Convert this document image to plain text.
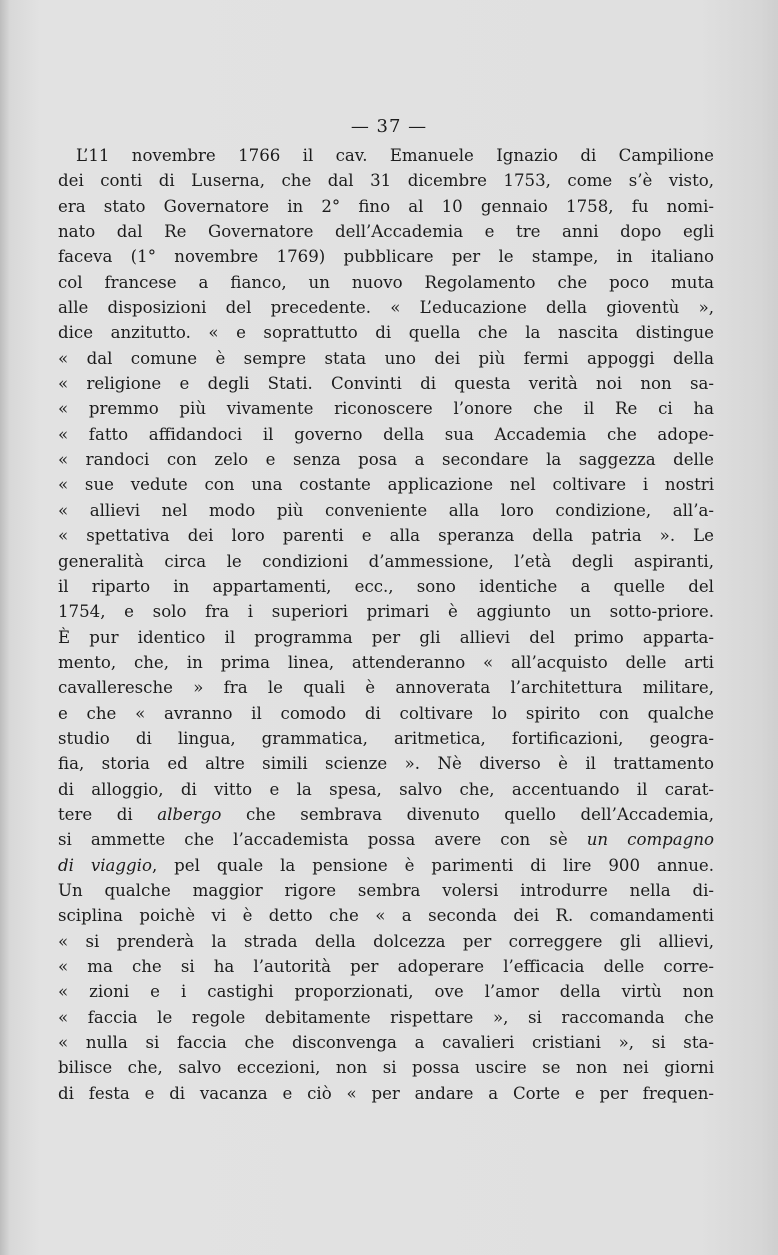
— 37 —
L’11 novembre 1766 il cav. Emanuele Ignazio di Campilione
dei conti di Luserna, che dal 31 dicembre 1753, come s’è visto,
era stato Governatore in 2° fino al 10 gennaio 1758, fu nomi-
nato dal Re Governatore dell’Accademia e tre anni dopo egli
faceva (1° novembre 1769) pubblicare per le stampe, in italiano
col francese a fianco, un nuovo Regolamento che poco muta
alle disposizioni del precedente. « L’educazione della gioventù »,
dice anzitutto. « e soprattutto di quella che la nascita distingue
« dal comune è sempre stata uno dei più fermi appoggi della
« religione e degli Stati. Convinti di questa verità noi non sa-
« premmo più vivamente riconoscere l’onore che il Re ci ha
« fatto affidandoci il governo della sua Accademia che adope-
« randoci con zelo e senza posa a secondare la saggezza delle
« sue vedute con una costante applicazione nel coltivare i nostri
« allievi nel modo più conveniente alla loro condizione, all’a-
« spettativa dei loro parenti e alla speranza della patria ». Le
generalità circa le condizioni d’ammessione, l’età degli aspiranti,
il riparto in appartamenti, ecc., sono identiche a quelle del
1754, e solo fra i superiori primari è aggiunto un sotto-priore.
È pur identico il programma per gli allievi del primo apparta-
mento, che, in prima linea, attenderanno « all’acquisto delle arti
cavalleresche » fra le quali è annoverata l’architettura militare,
e che « avranno il comodo di coltivare lo spirito con qualche
studio di lingua, grammatica, aritmetica, fortificazioni, geogra-
fia, storia ed altre simili scienze ». Nè diverso è il trattamento
di alloggio, di vitto e la spesa, salvo che, accentuando il carat-
tere di albergo che sembrava divenuto quello dell’Accademia,
si ammette che l’accademista possa avere con sè un compagno
di viaggio, pel quale la pensione è parimenti di lire 900 annue.
Un qualche maggior rigore sembra volersi introdurre nella di-
sciplina poichè vi è detto che « a seconda dei R. comandamenti
« si prenderà la strada della dolcezza per correggere gli allievi,
« ma che si ha l’autorità per adoperare l’efficacia delle corre-
« zioni e i castighi proporzionati, ove l’amor della virtù non
« faccia le regole debitamente rispettare », si raccomanda che
« nulla si faccia che disconvenga a cavalieri cristiani », si sta-
bilisce che, salvo eccezioni, non si possa uscire se non nei giorni
di festa e di vacanza e ciò « per andare a Corte e per frequen-
